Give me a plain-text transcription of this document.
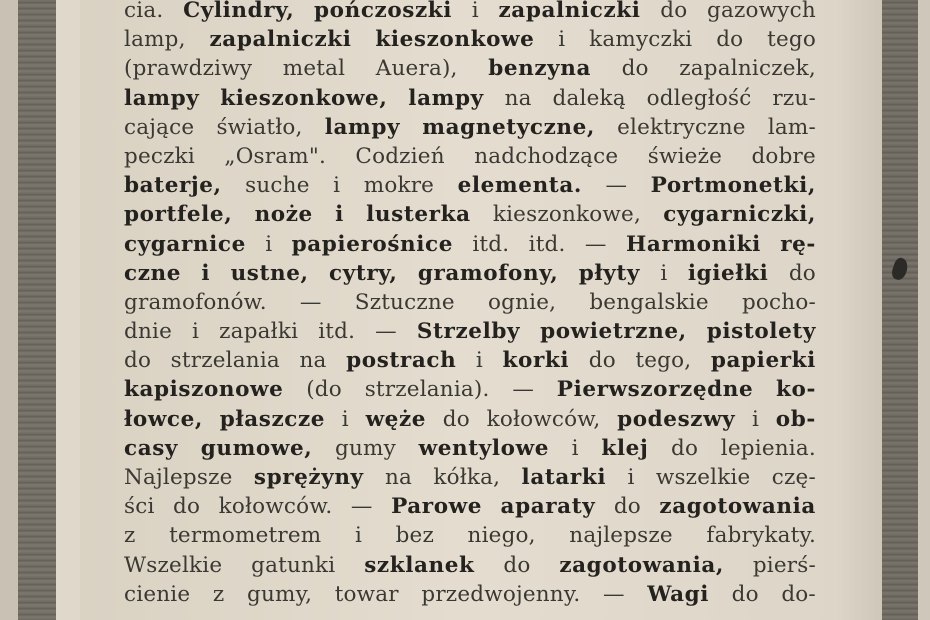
cia. Cylindry, pończoszki i zapalniczki do gazowych
lamp, zapalniczki kieszonkowe i kamyczki do tego
(prawdziwy metal Auera), benzyna do zapalniczek,
lampy kieszonkowe, lampy na daleką odległość rzu-
cające światło, lampy magnetyczne, elektryczne lam-
peczki „Osram". Codzień nadchodzące świeże dobre
baterje, suche i mokre elementa. — Portmonetki,
portfele, noże i lusterka kieszonkowe, cygarniczki,
cygarnice i papierośnice itd. itd. — Harmoniki rę-
czne i ustne, cytry, gramofony, płyty i igiełki do
gramofonów. — Sztuczne ognie, bengalskie pocho-
dnie i zapałki itd. — Strzelby powietrzne, pistolety
do strzelania na postrach i korki do tego, papierki
kapiszonowe (do strzelania). — Pierwszorzędne ko-
łowce, płaszcze i węże do kołowców, podeszwy i ob-
casy gumowe, gumy wentylowe i klej do lepienia.
Najlepsze sprężyny na kółka, latarki i wszelkie czę-
ści do kołowców. — Parowe aparaty do zagotowania
z termometrem i bez niego, najlepsze fabrykaty.
Wszelkie gatunki szklanek do zagotowania, pierś-
cienie z gumy, towar przedwojenny. — Wagi do do-
